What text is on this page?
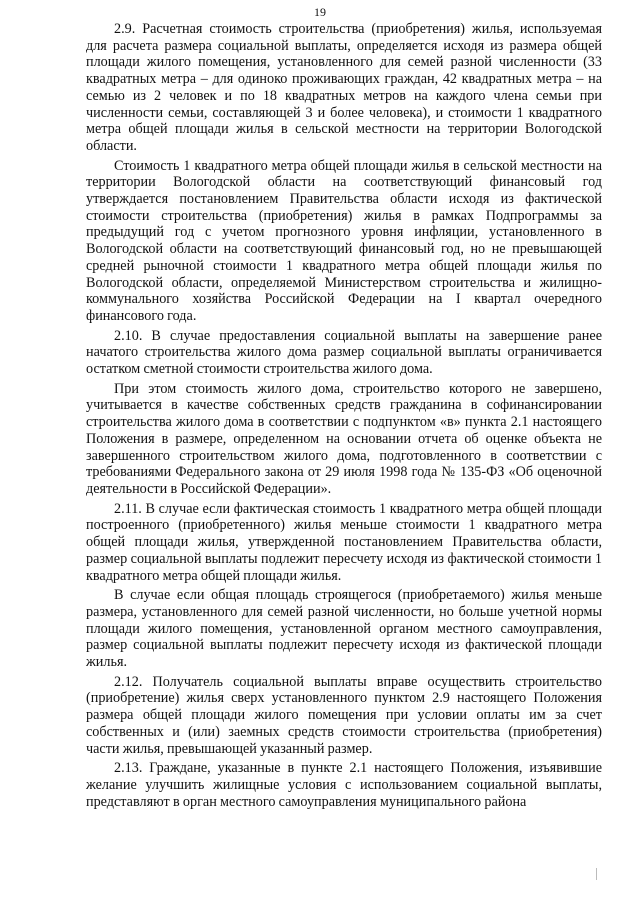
19

2.9. Расчетная стоимость строительства (приобретения) жилья, используемая для расчета размера социальной выплаты, определяется исходя из размера общей площади жилого помещения, установленного для семей разной численности (33 квадратных метра – для одиноко проживающих граждан, 42 квадратных метра – на семью из 2 человек и по 18 квадратных метров на каждого члена семьи при численности семьи, составляющей 3 и более человека), и стоимости 1 квадратного метра общей площади жилья в сельской местности на территории Вологодской области.

Стоимость 1 квадратного метра общей площади жилья в сельской местности на территории Вологодской области на соответствующий финансовый год утверждается постановлением Правительства области исходя из фактической стоимости строительства (приобретения) жилья в рамках Подпрограммы за предыдущий год с учетом прогнозного уровня инфляции, установленного в Вологодской области на соответствующий финансовый год, но не превышающей средней рыночной стоимости 1 квадратного метра общей площади жилья по Вологодской области, определяемой Министерством строительства и жилищно-коммунального хозяйства Российской Федерации на I квартал очередного финансового года.

2.10. В случае предоставления социальной выплаты на завершение ранее начатого строительства жилого дома размер социальной выплаты ограничивается остатком сметной стоимости строительства жилого дома.

При этом стоимость жилого дома, строительство которого не завершено, учитывается в качестве собственных средств гражданина в софинансировании строительства жилого дома в соответствии с подпунктом «в» пункта 2.1 настоящего Положения в размере, определенном на основании отчета об оценке объекта не завершенного строительством жилого дома, подготовленного в соответствии с требованиями Федерального закона от 29 июля 1998 года № 135-ФЗ «Об оценочной деятельности в Российской Федерации».

2.11. В случае если фактическая стоимость 1 квадратного метра общей площади построенного (приобретенного) жилья меньше стоимости 1 квадратного метра общей площади жилья, утвержденной постановлением Правительства области, размер социальной выплаты подлежит пересчету исходя из фактической стоимости 1 квадратного метра общей площади жилья.

В случае если общая площадь строящегося (приобретаемого) жилья меньше размера, установленного для семей разной численности, но больше учетной нормы площади жилого помещения, установленной органом местного самоуправления, размер социальной выплаты подлежит пересчету исходя из фактической площади жилья.

2.12. Получатель социальной выплаты вправе осуществить строительство (приобретение) жилья сверх установленного пунктом 2.9 настоящего Положения размера общей площади жилого помещения при условии оплаты им за счет собственных и (или) заемных средств стоимости строительства (приобретения) части жилья, превышающей указанный размер.

2.13. Граждане, указанные в пункте 2.1 настоящего Положения, изъявившие желание улучшить жилищные условия с использованием социальной выплаты, представляют в орган местного самоуправления муниципального района
